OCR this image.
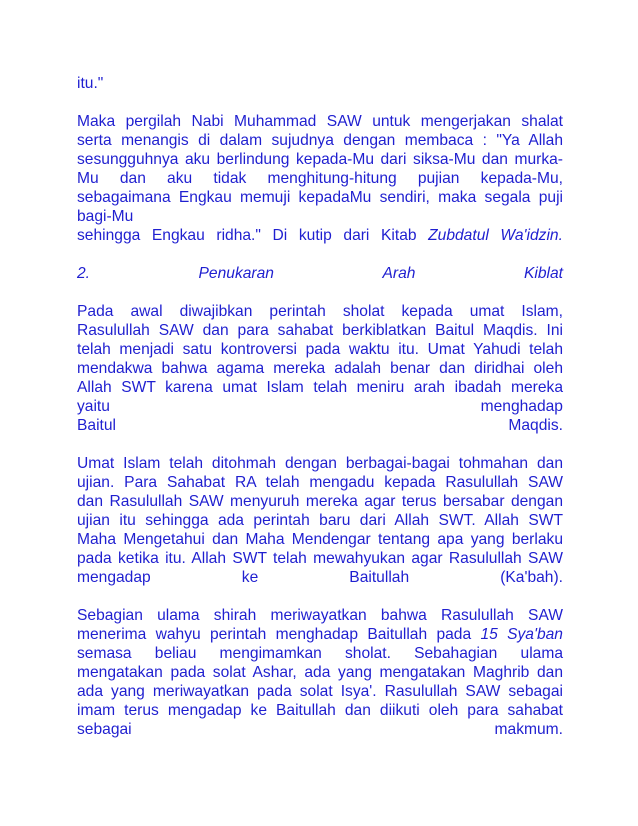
itu."
Maka pergilah Nabi Muhammad SAW untuk mengerjakan shalat
serta menangis di dalam sujudnya dengan membaca : "Ya Allah
sesungguhnya aku berlindung kepada-Mu dari siksa-Mu dan murka-
Mu dan aku tidak menghitung-hitung pujian kepada-Mu,
sebagaimana Engkau memuji kepadaMu sendiri, maka segala puji
bagi-Mu
sehingga Engkau ridha." Di kutip dari Kitab Zubdatul Wa'idzin.
2.	Penukaran	Arah	Kiblat
Pada awal diwajibkan perintah sholat kepada umat Islam,
Rasulullah SAW dan para sahabat berkiblatkan Baitul Maqdis. Ini
telah menjadi satu kontroversi pada waktu itu. Umat Yahudi telah
mendakwa bahwa agama mereka adalah benar dan diridhai oleh
Allah SWT karena umat Islam telah meniru arah ibadah mereka
yaitu menghadap
Baitul Maqdis.
Umat Islam telah ditohmah dengan berbagai-bagai tohmahan dan
ujian. Para Sahabat RA telah mengadu kepada Rasulullah SAW
dan Rasulullah SAW menyuruh mereka agar terus bersabar dengan
ujian itu sehingga ada perintah baru dari Allah SWT. Allah SWT
Maha Mengetahui dan Maha Mendengar tentang apa yang berlaku
pada ketika itu. Allah SWT telah mewahyukan agar Rasulullah SAW
mengadap ke Baitullah (Ka'bah).
Sebagian ulama shirah meriwayatkan bahwa Rasulullah SAW
menerima wahyu perintah menghadap Baitullah pada 15 Sya'ban
semasa beliau mengimamkan sholat. Sebahagian ulama
mengatakan pada solat Ashar, ada yang mengatakan Maghrib dan
ada yang meriwayatkan pada solat Isya'. Rasulullah SAW sebagai
imam terus mengadap ke Baitullah dan diikuti oleh para sahabat
sebagai makmum.
